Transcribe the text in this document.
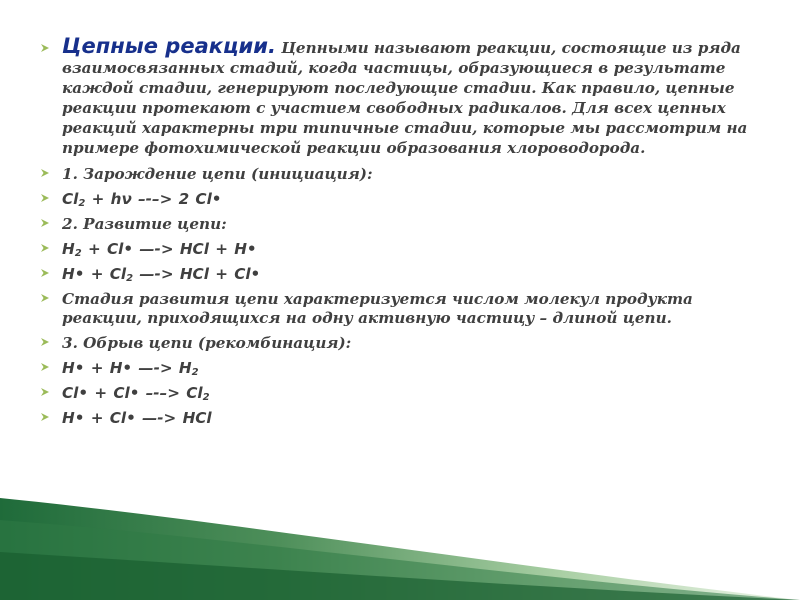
Цепные реакции. Цепными называют реакции, состоящие из ряда взаимосвязанных стадий, когда частицы, образующиеся в результате каждой стадии, генерируют последующие стадии. Как правило, цепные реакции протекают с участием свободных радикалов. Для всех цепных реакций характерны три типичные стадии, которые мы рассмотрим на примере фотохимической реакции образования хлороводорода.
1. Зарождение цепи (инициация):
$Cl_2 + h\nu$ –-–> 2 Cl•
2. Развитие цепи:
$H_2$ + Cl• —-> HCl + H•
H• + $Cl_2$ —-> HCl + Cl•
Стадия развития цепи характеризуется числом молекул продукта реакции, приходящихся на одну активную частицу – длиной цепи.
3. Обрыв цепи (рекомбинация):
H• + H• —-> $H_2$
Cl• + Cl• –-–> $Cl_2$
H• + Cl• —-> HCl
